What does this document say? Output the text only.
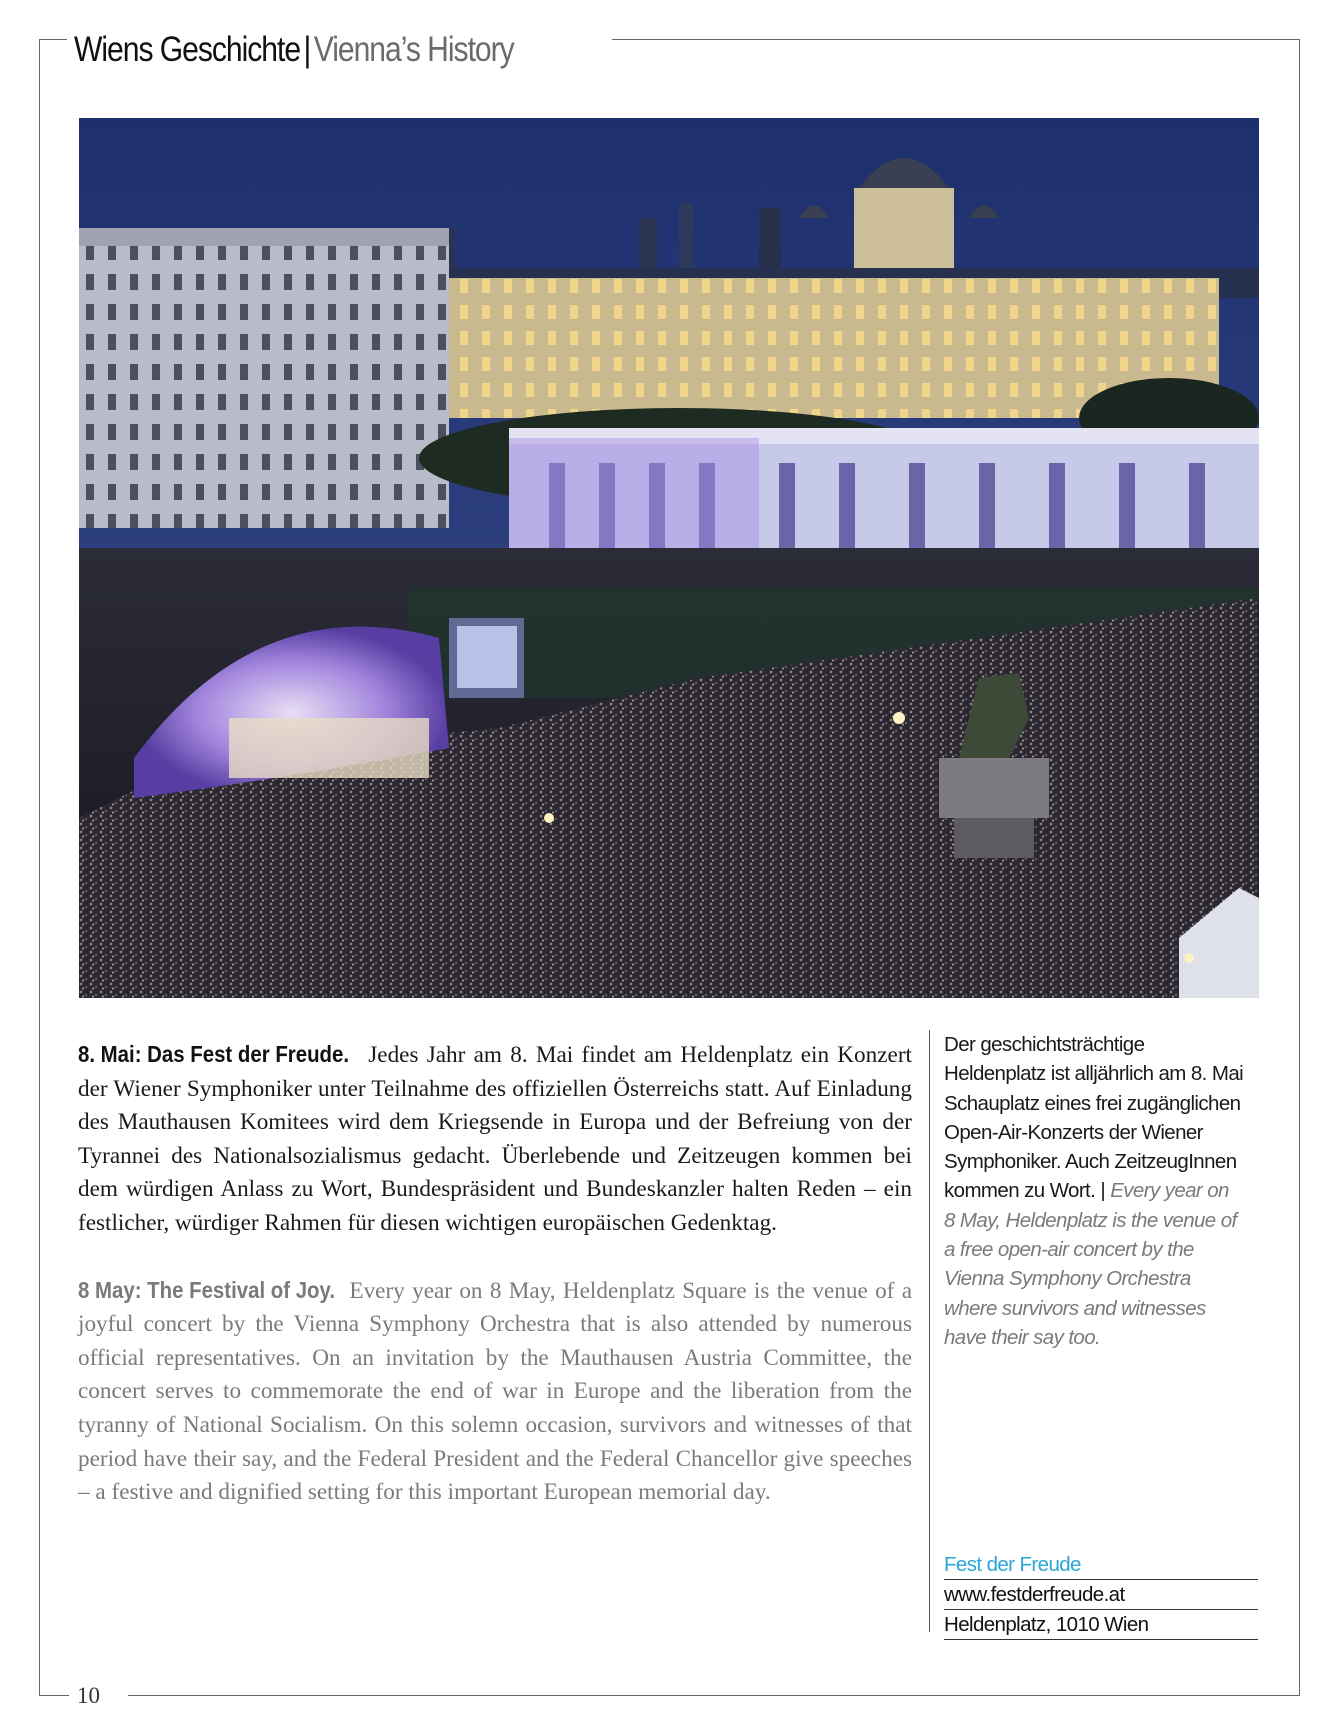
Wiens Geschichte|Vienna’s History

8. Mai: Das Fest der Freude. Jedes Jahr am 8. Mai findet am Heldenplatz ein Konzert der Wiener Symphoniker unter Teilnahme des offiziellen Österreichs statt. Auf Einladung des Mauthausen Komitees wird dem Kriegsende in Europa und der Befreiung von der Tyrannei des Nationalsozialismus gedacht. Überlebende und Zeitzeugen kommen bei dem würdigen Anlass zu Wort, Bundespräsident und Bundeskanzler halten Reden – ein festlicher, würdiger Rahmen für diesen wichtigen europäischen Gedenktag.

8 May: The Festival of Joy. Every year on 8 May, Heldenplatz Square is the venue of a joyful concert by the Vienna Symphony Orchestra that is also attended by numerous official representatives. On an invitation by the Mauthausen Austria Committee, the concert serves to commemorate the end of war in Europe and the liberation from the tyranny of National Socialism. On this solemn occasion, survivors and witnesses of that period have their say, and the Federal President and the Federal Chancellor give speeches – a festive and dignified setting for this important European memorial day.

Der geschichtsträchtige Heldenplatz ist alljährlich am 8. Mai Schauplatz eines frei zugänglichen Open-Air-Konzerts der Wiener Symphoniker. Auch ZeitzeugInnen kommen zu Wort. | Every year on 8 May, Heldenplatz is the venue of a free open-air concert by the Vienna Symphony Orchestra where survivors and witnesses have their say too.
Fest der Freude
www.festderfreude.at
Heldenplatz, 1010 Wien
10
